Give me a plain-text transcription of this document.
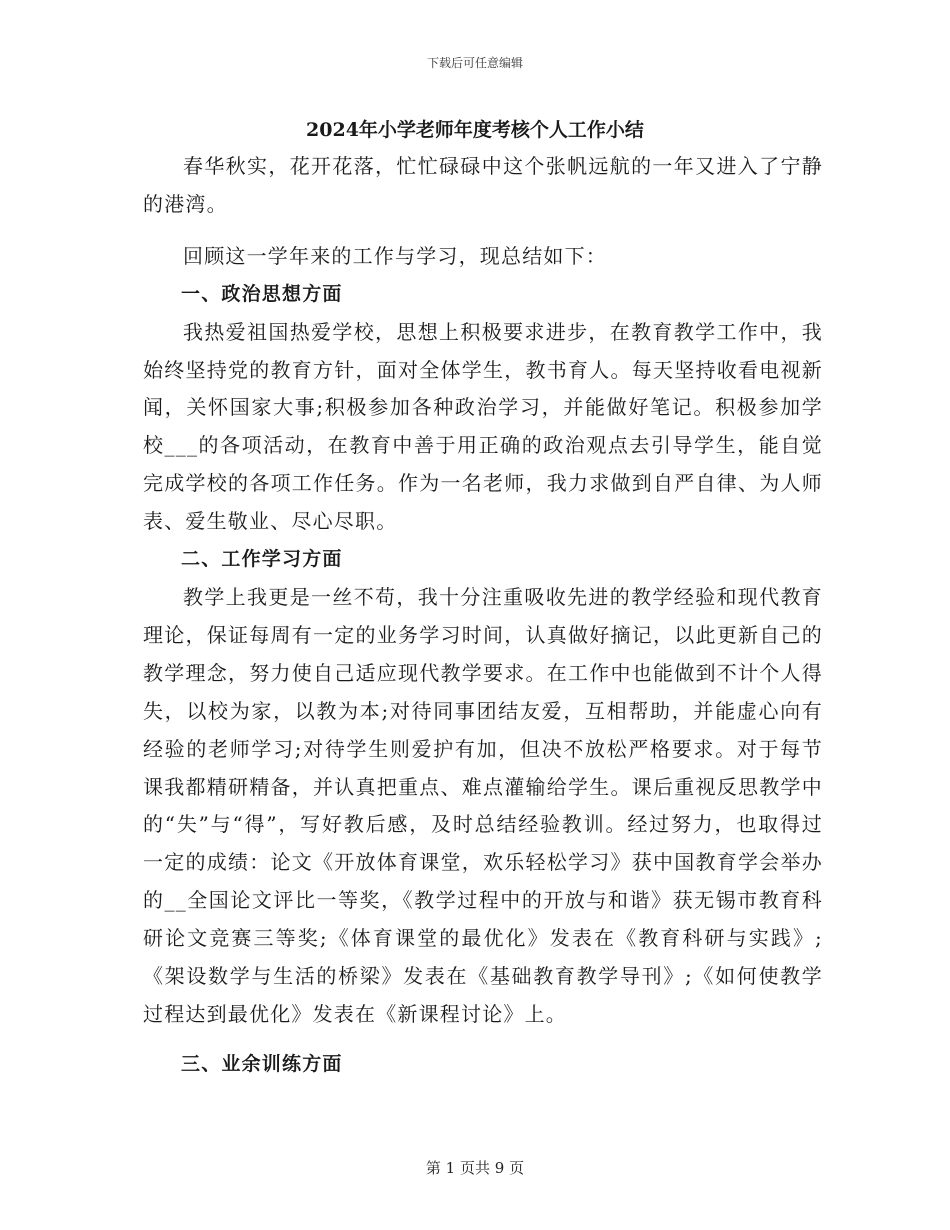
下载后可任意编辑
2024年小学老师年度考核个人工作小结

春华秋实，花开花落，忙忙碌碌中这个张帆远航的一年又进入了宁静的港湾。

回顾这一学年来的工作与学习，现总结如下：

一、政治思想方面

我热爱祖国热爱学校，思想上积极要求进步，在教育教学工作中，我始终坚持党的教育方针，面对全体学生，教书育人。每天坚持收看电视新闻，关怀国家大事;积极参加各种政治学习，并能做好笔记。积极参加学校___的各项活动，在教育中善于用正确的政治观点去引导学生，能自觉完成学校的各项工作任务。作为一名老师，我力求做到自严自律、为人师表、爱生敬业、尽心尽职。

二、工作学习方面

教学上我更是一丝不苟，我十分注重吸收先进的教学经验和现代教育理论，保证每周有一定的业务学习时间，认真做好摘记，以此更新自己的教学理念，努力使自己适应现代教学要求。在工作中也能做到不计个人得失，以校为家，以教为本;对待同事团结友爱，互相帮助，并能虚心向有经验的老师学习;对待学生则爱护有加，但决不放松严格要求。对于每节课我都精研精备，并认真把重点、难点灌输给学生。课后重视反思教学中的“失”与“得”，写好教后感，及时总结经验教训。经过努力，也取得过一定的成绩：论文《开放体育课堂，欢乐轻松学习》获中国教育学会举办的__全国论文评比一等奖，《教学过程中的开放与和谐》获无锡市教育科研论文竞赛三等奖;《体育课堂的最优化》发表在《教育科研与实践》;《架设数学与生活的桥梁》发表在《基础教育教学导刊》;《如何使教学过程达到最优化》发表在《新课程讨论》上。

三、业余训练方面
第 1 页共 9 页
